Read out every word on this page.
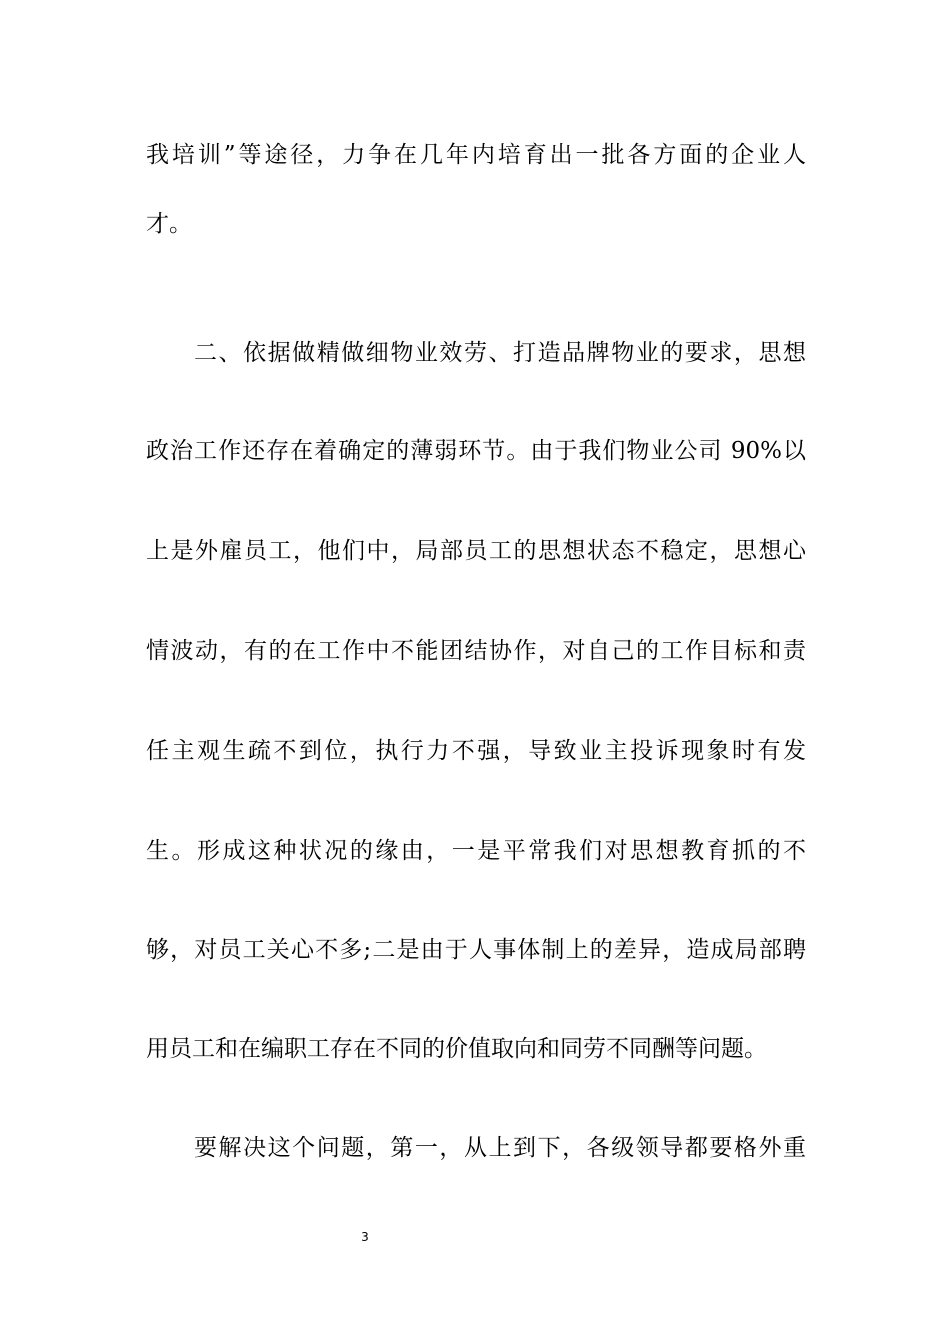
我培训”等途径，力争在几年内培育出一批各方面的企业人
才。
二、依据做精做细物业效劳、打造品牌物业的要求，思想
政治工作还存在着确定的薄弱环节。由于我们物业公司 90%以
上是外雇员工，他们中，局部员工的思想状态不稳定，思想心
情波动，有的在工作中不能团结协作，对自己的工作目标和责
任主观生疏不到位，执行力不强，导致业主投诉现象时有发
生。形成这种状况的缘由，一是平常我们对思想教育抓的不
够，对员工关心不多;二是由于人事体制上的差异，造成局部聘
用员工和在编职工存在不同的价值取向和同劳不同酬等问题。
要解决这个问题，第一，从上到下，各级领导都要格外重
3
